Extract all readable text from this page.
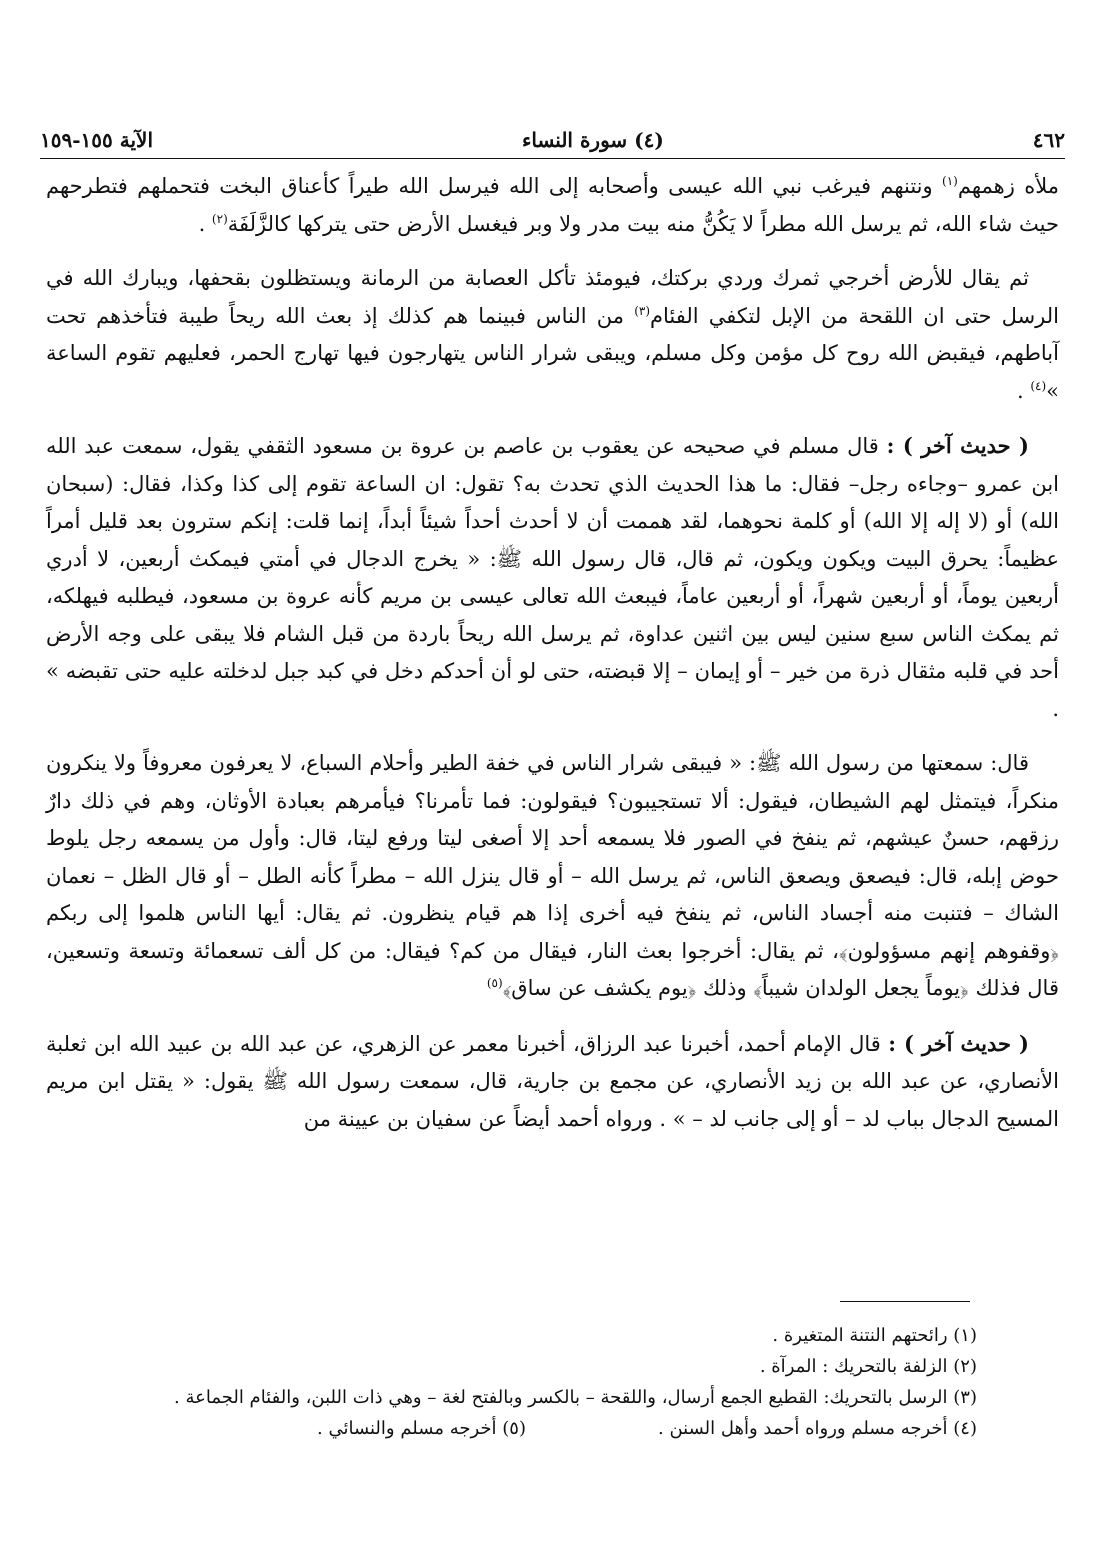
٤٦٢
(٤) سورة النساء
الآية ١٥٥-١٥٩

ملأه زهمهم$^{(١)}$ ونتنهم فيرغب نبي الله عيسى وأصحابه إلى الله فيرسل الله طيراً كأعناق البخت فتحملهم فتطرحهم حيث شاء الله، ثم يرسل الله مطراً لا يَكُنُّ منه بيت مدر ولا وبر فيغسل الأرض حتى يتركها كالزَّلَفَة$^{(٢)}$ .

ثم يقال للأرض أخرجي ثمرك وردي بركتك، فيومئذ تأكل العصابة من الرمانة ويستظلون بقحفها، ويبارك الله في الرسل حتى ان اللقحة من الإبل لتكفي الفئام$^{(٣)}$ من الناس فبينما هم كذلك إذ بعث الله ريحاً طيبة فتأخذهم تحت آباطهم، فيقبض الله روح كل مؤمن وكل مسلم، ويبقى شرار الناس يتهارجون فيها تهارج الحمر، فعليهم تقوم الساعة »$^{(٤)}$ .

( حديث آخر ) : قال مسلم في صحيحه عن يعقوب بن عاصم بن عروة بن مسعود الثقفي يقول، سمعت عبد الله ابن عمرو –وجاءه رجل– فقال: ما هذا الحديث الذي تحدث به؟ تقول: ان الساعة تقوم إلى كذا وكذا، فقال: (سبحان الله) أو (لا إله إلا الله) أو كلمة نحوهما، لقد هممت أن لا أحدث أحداً شيئاً أبداً، إنما قلت: إنكم سترون بعد قليل أمراً عظيماً: يحرق البيت ويكون ويكون، ثم قال، قال رسول الله ﷺ: « يخرج الدجال في أمتي فيمكث أربعين، لا أدري أربعين يوماً، أو أربعين شهراً، أو أربعين عاماً، فيبعث الله تعالى عيسى بن مريم كأنه عروة بن مسعود، فيطلبه فيهلكه، ثم يمكث الناس سبع سنين ليس بين اثنين عداوة، ثم يرسل الله ريحاً باردة من قبل الشام فلا يبقى على وجه الأرض أحد في قلبه مثقال ذرة من خير – أو إيمان – إلا قبضته، حتى لو أن أحدكم دخل في كبد جبل لدخلته عليه حتى تقبضه » .

قال: سمعتها من رسول الله ﷺ: « فيبقى شرار الناس في خفة الطير وأحلام السباع، لا يعرفون معروفاً ولا ينكرون منكراً، فيتمثل لهم الشيطان، فيقول: ألا تستجيبون؟ فيقولون: فما تأمرنا؟ فيأمرهم بعبادة الأوثان، وهم في ذلك دارٌ رزقهم، حسنٌ عيشهم، ثم ينفخ في الصور فلا يسمعه أحد إلا أصغى ليتا ورفع ليتا، قال: وأول من يسمعه رجل يلوط حوض إبله، قال: فيصعق ويصعق الناس، ثم يرسل الله – أو قال ينزل الله – مطراً كأنه الطل – أو قال الظل – نعمان الشاك – فتنبت منه أجساد الناس، ثم ينفخ فيه أخرى إذا هم قيام ينظرون. ثم يقال: أيها الناس هلموا إلى ربكم ﴿وقفوهم إنهم مسؤولون﴾، ثم يقال: أخرجوا بعث النار، فيقال من كم؟ فيقال: من كل ألف تسعمائة وتسعة وتسعين، قال فذلك ﴿يوماً يجعل الولدان شيباً﴾ وذلك ﴿يوم يكشف عن ساق﴾$^{(٥)}$

( حديث آخر ) : قال الإمام أحمد، أخبرنا عبد الرزاق، أخبرنا معمر عن الزهري، عن عبد الله بن عبيد الله ابن ثعلبة الأنصاري، عن عبد الله بن زيد الأنصاري، عن مجمع بن جارية، قال، سمعت رسول الله ﷺ يقول: « يقتل ابن مريم المسيح الدجال بباب لد – أو إلى جانب لد – » . ورواه أحمد أيضاً عن سفيان بن عيينة من

(١) رائحتهم النتنة المتغيرة .
(٢) الزلفة بالتحريك : المرآة .
(٣) الرسل بالتحريك: القطيع الجمع أرسال، واللقحة – بالكسر وبالفتح لغة – وهي ذات اللبن، والفئام الجماعة .
(٤) أخرجه مسلم ورواه أحمد وأهل السنن .
(٥) أخرجه مسلم والنسائي .
